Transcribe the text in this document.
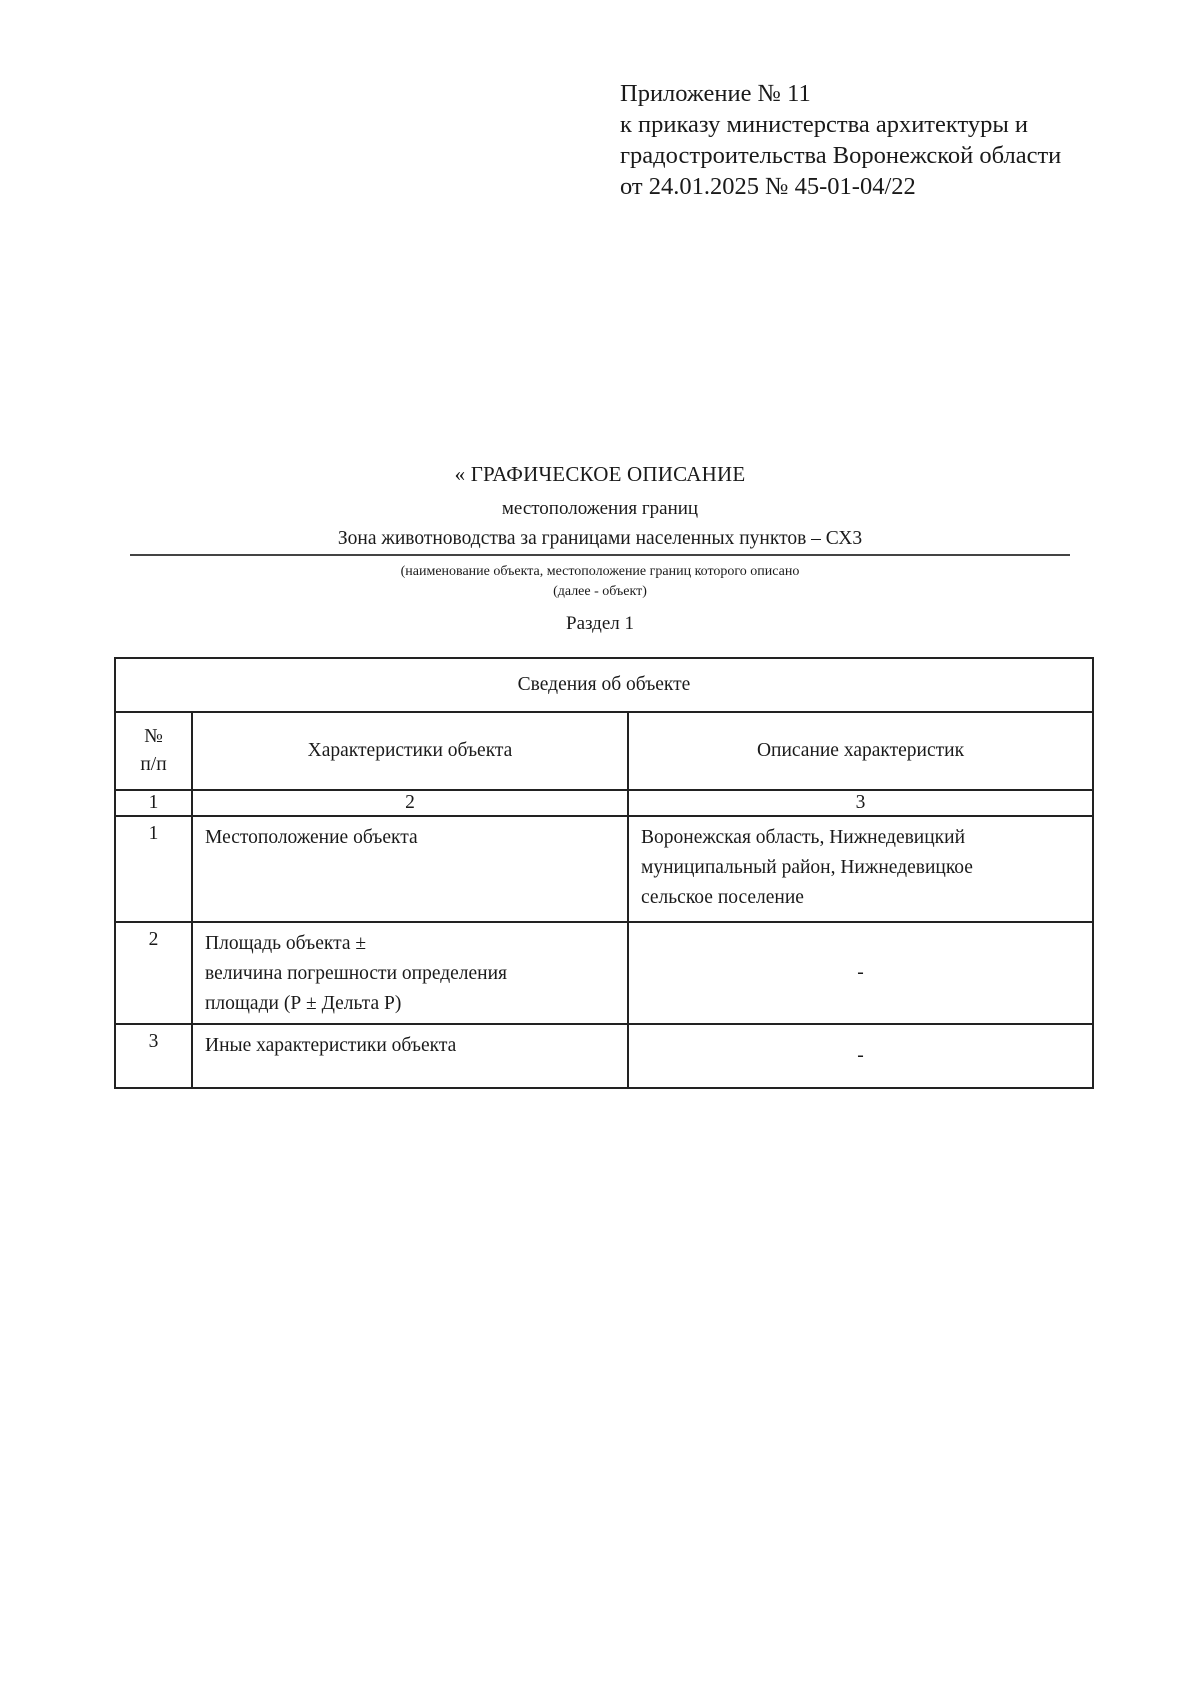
Приложение № 11
к приказу министерства архитектуры и
градостроительства Воронежской области
от 24.01.2025 № 45-01-04/22
« ГРАФИЧЕСКОЕ ОПИСАНИЕ
местоположения границ
Зона животноводства за границами населенных пунктов – СХ3
(наименование объекта, местоположение границ которого описано
(далее - объект)
Раздел 1
Сведения об объекте		

№
п/п	Характеристики объекта	Описание характеристик
1	2	3
1	Местоположение объекта	Воронежская область, Нижнедевицкий
муниципальный район, Нижнедевицкое
сельское поселение

2	Площадь объекта ±
величина погрешности определения
площади (Р ± Дельта Р)	-
3	Иные характеристики объекта	-
